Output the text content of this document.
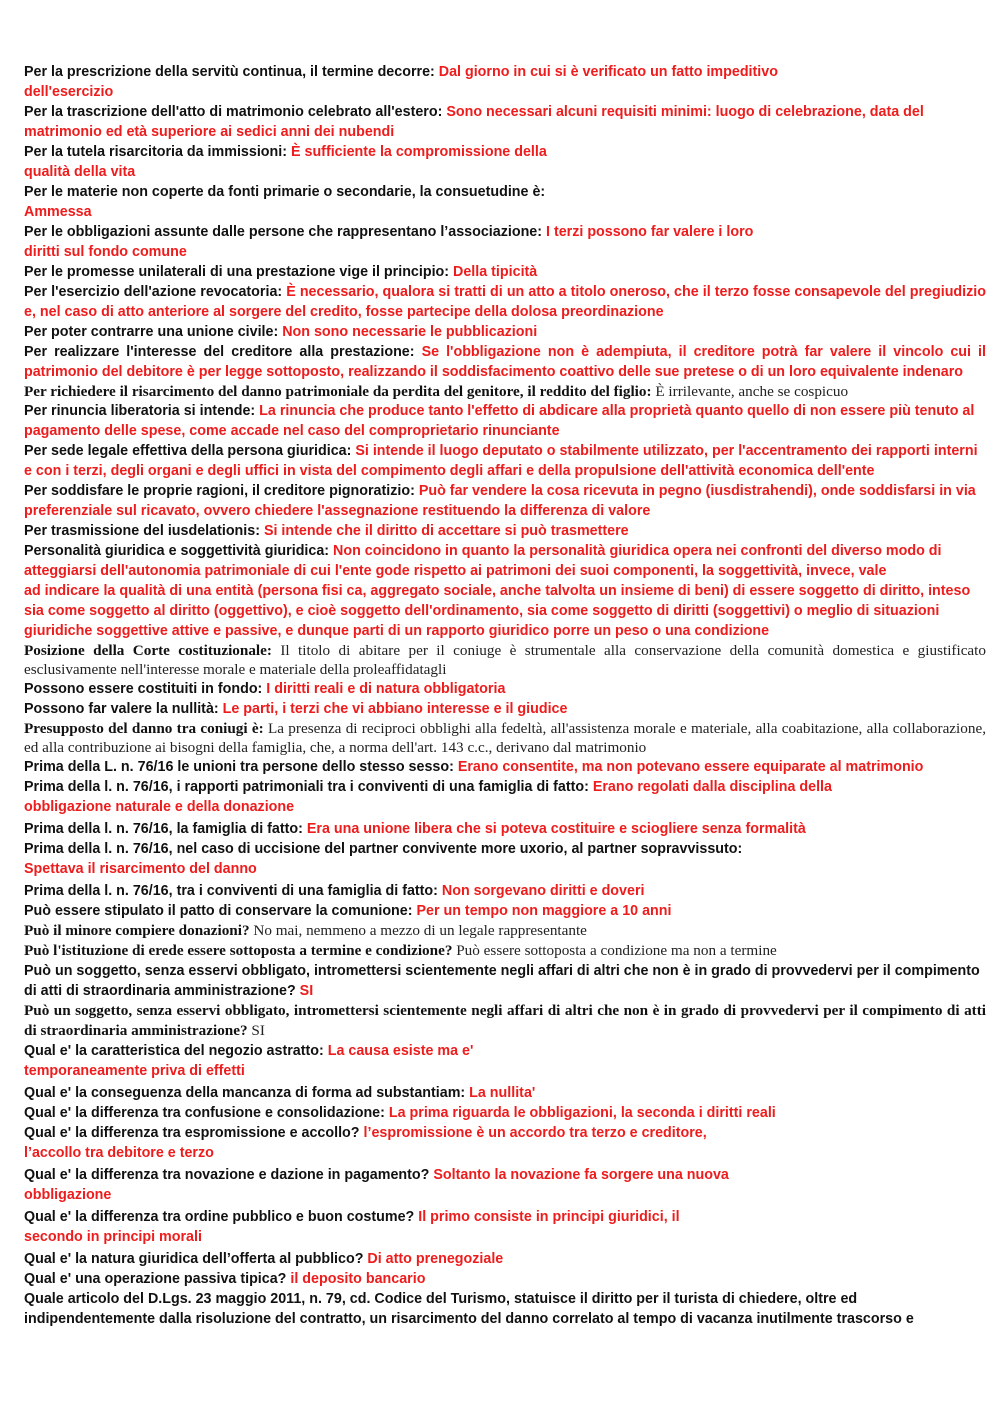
Per la prescrizione della servitù continua, il termine decorre: Dal giorno in cui si è verificato un fatto impeditivo
dell'esercizio

Per la trascrizione dell'atto di matrimonio celebrato all'estero: Sono necessari alcuni requisiti minimi: luogo di celebrazione, data del matrimonio ed età superiore ai sedici anni dei nubendi

Per la tutela risarcitoria da immissioni: È sufficiente la compromissione della
qualità della vita

Per le materie non coperte da fonti primarie o secondarie, la consuetudine è:
Ammessa

Per le obbligazioni assunte dalle persone che rappresentano l’associazione: I terzi possono far valere i loro
diritti sul fondo comune

Per le promesse unilaterali di una prestazione vige il principio: Della tipicità

Per l'esercizio dell'azione revocatoria: È necessario, qualora si tratti di un atto a titolo oneroso, che il terzo fosse consapevole del pregiudizio e, nel caso di atto anteriore al sorgere del credito, fosse partecipe della dolosa preordinazione

Per poter contrarre una unione civile: Non sono necessarie le pubblicazioni

Per realizzare l'interesse del creditore alla prestazione: Se l'obbligazione non è adempiuta, il creditore potrà far valere il vincolo cui il patrimonio del debitore è per legge sottoposto, realizzando il soddisfacimento coattivo delle sue pretese o di un loro equivalente indenaro

Per richiedere il risarcimento del danno patrimoniale da perdita del genitore, il reddito del figlio: È irrilevante, anche se cospicuo

Per rinuncia liberatoria si intende: La rinuncia che produce tanto l'effetto di abdicare alla proprietà quanto quello di non essere più tenuto al pagamento delle spese, come accade nel caso del comproprietario rinunciante

Per sede legale effettiva della persona giuridica: Si intende il luogo deputato o stabilmente utilizzato, per l'accentramento dei rapporti interni e con i terzi, degli organi e degli uffici in vista del compimento degli affari e della propulsione dell'attività economica dell'ente

Per soddisfare le proprie ragioni, il creditore pignoratizio: Può far vendere la cosa ricevuta in pegno (iusdistrahendi), onde soddisfarsi in via preferenziale sul ricavato, ovvero chiedere l'assegnazione restituendo la differenza di valore

Per trasmissione del iusdelationis: Si intende che il diritto di accettare si può trasmettere

Personalità giuridica e soggettività giuridica: Non coincidono in quanto la personalità giuridica opera nei confronti del diverso modo di atteggiarsi dell'autonomia patrimoniale di cui l'ente gode rispetto ai patrimoni dei suoi componenti, la soggettività, invece, vale
ad indicare la qualità di una entità (persona fisi ca, aggregato sociale, anche talvolta un insieme di beni) di essere soggetto di diritto, inteso sia come soggetto al diritto (oggettivo), e cioè soggetto dell'ordinamento, sia come soggetto di diritti (soggettivi) o meglio di situazioni giuridiche soggettive attive e passive, e dunque parti di un rapporto giuridico porre un peso o una condizione

Posizione della Corte costituzionale: Il titolo di abitare per il coniuge è strumentale alla conservazione della comunità domestica e giustificato esclusivamente nell'interesse morale e materiale della proleaffidatagli

Possono essere costituiti in fondo: I diritti reali e di natura obbligatoria

Possono far valere la nullità: Le parti, i terzi che vi abbiano interesse e il giudice

Presupposto del danno tra coniugi è: La presenza di reciproci obblighi alla fedeltà, all'assistenza morale e materiale, alla coabitazione, alla collaborazione, ed alla contribuzione ai bisogni della famiglia, che, a norma dell'art. 143 c.c., derivano dal matrimonio

Prima della L. n. 76/16 le unioni tra persone dello stesso sesso: Erano consentite, ma non potevano essere equiparate al matrimonio

Prima della l. n. 76/16, i rapporti patrimoniali tra i conviventi di una famiglia di fatto: Erano regolati dalla disciplina della
obbligazione naturale e della donazione

Prima della l. n. 76/16, la famiglia di fatto: Era una unione libera che si poteva costituire e sciogliere senza formalità

Prima della l. n. 76/16, nel caso di uccisione del partner convivente more uxorio, al partner sopravvissuto:
Spettava il risarcimento del danno

Prima della l. n. 76/16, tra i conviventi di una famiglia di fatto: Non sorgevano diritti e doveri

Può essere stipulato il patto di conservare la comunione: Per un tempo non maggiore a 10 anni

Può il minore compiere donazioni? No mai, nemmeno a mezzo di un legale rappresentante

Può l'istituzione di erede essere sottoposta a termine e condizione? Può essere sottoposta a condizione ma non a termine

Può un soggetto, senza esservi obbligato, intromettersi scientemente negli affari di altri che non è in grado di provvedervi per il compimento di atti di straordinaria amministrazione? SI

Può un soggetto, senza esservi obbligato, intromettersi scientemente negli affari di altri che non è in grado di provvedervi per il compimento di atti di straordinaria amministrazione? SI

Qual e' la caratteristica del negozio astratto: La causa esiste ma e'
temporaneamente priva di effetti

Qual e' la conseguenza della mancanza di forma ad substantiam: La nullita'

Qual e' la differenza tra confusione e consolidazione: La prima riguarda le obbligazioni, la seconda i diritti reali

Qual e' la differenza tra espromissione e accollo? l’espromissione è un accordo tra terzo e creditore,
l’accollo tra debitore e terzo

Qual e' la differenza tra novazione e dazione in pagamento? Soltanto la novazione fa sorgere una nuova
obbligazione

Qual e' la differenza tra ordine pubblico e buon costume? Il primo consiste in principi giuridici, il
secondo in principi morali

Qual e' la natura giuridica dell’offerta al pubblico? Di atto prenegoziale

Qual e' una operazione passiva tipica? il deposito bancario

Quale articolo del D.Lgs. 23 maggio 2011, n. 79, cd. Codice del Turismo, statuisce il diritto per il turista di chiedere, oltre ed indipendentemente dalla risoluzione del contratto, un risarcimento del danno correlato al tempo di vacanza inutilmente trascorso e
